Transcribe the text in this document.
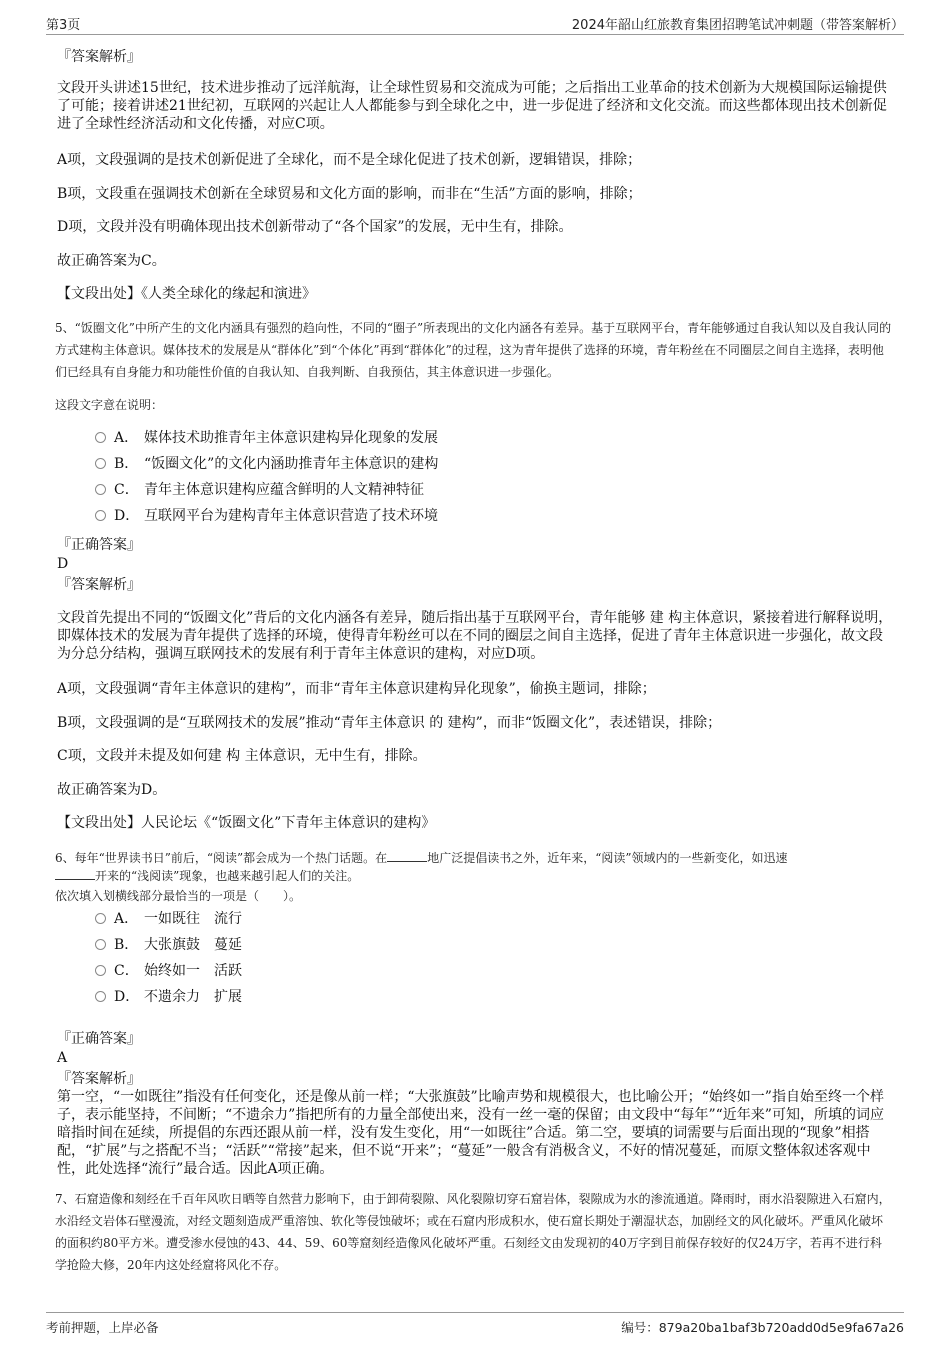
第3页	2024年韶山红旅教育集团招聘笔试冲刺题（带答案解析）
『答案解析』
文段开头讲述15世纪，技术进步推动了远洋航海，让全球性贸易和交流成为可能；之后指出工业革命的技术创新为大规模国际运输提供了可能；接着讲述21世纪初，互联网的兴起让人人都能参与到全球化之中，进一步促进了经济和文化交流。而这些都体现出技术创新促进了全球性经济活动和文化传播，对应C项。
A项，文段强调的是技术创新促进了全球化，而不是全球化促进了技术创新，逻辑错误，排除；
B项，文段重在强调技术创新在全球贸易和文化方面的影响，而非在“生活”方面的影响，排除；
D项，文段并没有明确体现出技术创新带动了“各个国家”的发展，无中生有，排除。
故正确答案为C。
【文段出处】《人类全球化的缘起和演进》
5、“饭圈文化”中所产生的文化内涵具有强烈的趋向性，不同的“圈子”所表现出的文化内涵各有差异。基于互联网平台，青年能够通过自我认知以及自我认同的方式建构主体意识。媒体技术的发展是从“群体化”到“个体化”再到“群体化”的过程，这为青年提供了选择的环境，青年粉丝在不同圈层之间自主选择，表明他们已经具有自身能力和功能性价值的自我认知、自我判断、自我预估，其主体意识进一步强化。
这段文字意在说明：
A． 媒体技术助推青年主体意识建构异化现象的发展
B． “饭圈文化”的文化内涵助推青年主体意识的建构
C． 青年主体意识建构应蕴含鲜明的人文精神特征
D． 互联网平台为建构青年主体意识营造了技术环境
『正确答案』
D
『答案解析』
文段首先提出不同的“饭圈文化”背后的文化内涵各有差异，随后指出基于互联网平台，青年能够 建 构主体意识，紧接着进行解释说明，即媒体技术的发展为青年提供了选择的环境，使得青年粉丝可以在不同的圈层之间自主选择，促进了青年主体意识进一步强化，故文段为分总分结构，强调互联网技术的发展有利于青年主体意识的建构，对应D项。
A项，文段强调“青年主体意识的建构”，而非“青年主体意识建构异化现象”，偷换主题词，排除；
B项，文段强调的是“互联网技术的发展”推动“青年主体意识 的 建构”，而非“饭圈文化”，表述错误，排除；
C项，文段并未提及如何建 构 主体意识，无中生有，排除。
故正确答案为D。
【文段出处】人民论坛《“饭圈文化”下青年主体意识的建构》
6、每年“世界读书日”前后，“阅读”都会成为一个热门话题。在	地广泛提倡读书之外，近年来，“阅读”领域内的一些新变化，如迅速
开来的“浅阅读”现象，也越来越引起人们的关注。
依次填入划横线部分最恰当的一项是（　　）。
A． 一如既往　流行
B． 大张旗鼓　蔓延
C． 始终如一　活跃
D． 不遗余力　扩展
『正确答案』
A
『答案解析』
第一空，“一如既往”指没有任何变化，还是像从前一样；“大张旗鼓”比喻声势和规模很大，也比喻公开；“始终如一”指自始至终一个样子，表示能坚持，不间断；“不遗余力”指把所有的力量全部使出来，没有一丝一毫的保留；由文段中“每年”“近年来”可知，所填的词应暗指时间在延续，所提倡的东西还跟从前一样，没有发生变化，用“一如既往”合适。第二空，要填的词需要与后面出现的“现象”相搭配，“扩展”与之搭配不当；“活跃”“常接”起来，但不说“开来”；“蔓延”一般含有消极含义，不好的情况蔓延，而原文整体叙述客观中性，此处选择“流行”最合适。因此A项正确。
7、石窟造像和刻经在千百年风吹日晒等自然营力影响下，由于卸荷裂隙、风化裂隙切穿石窟岩体，裂隙成为水的渗流通道。降雨时，雨水沿裂隙进入石窟内，水沿经文岩体石壁漫流，对经文题刻造成严重溶蚀、软化等侵蚀破坏；或在石窟内形成积水，使石窟长期处于潮湿状态，加剧经文的风化破坏。严重风化破坏的面积约80平方米。遭受渗水侵蚀的43、44、59、60等窟刻经造像风化破坏严重。石刻经文由发现初的40万字到目前保存较好的仅24万字，若再不进行科学抢险大修，20年内这处经窟将风化不存。
考前押题，上岸必备	编号：879a20ba1baf3b720add0d5e9fa67a26
